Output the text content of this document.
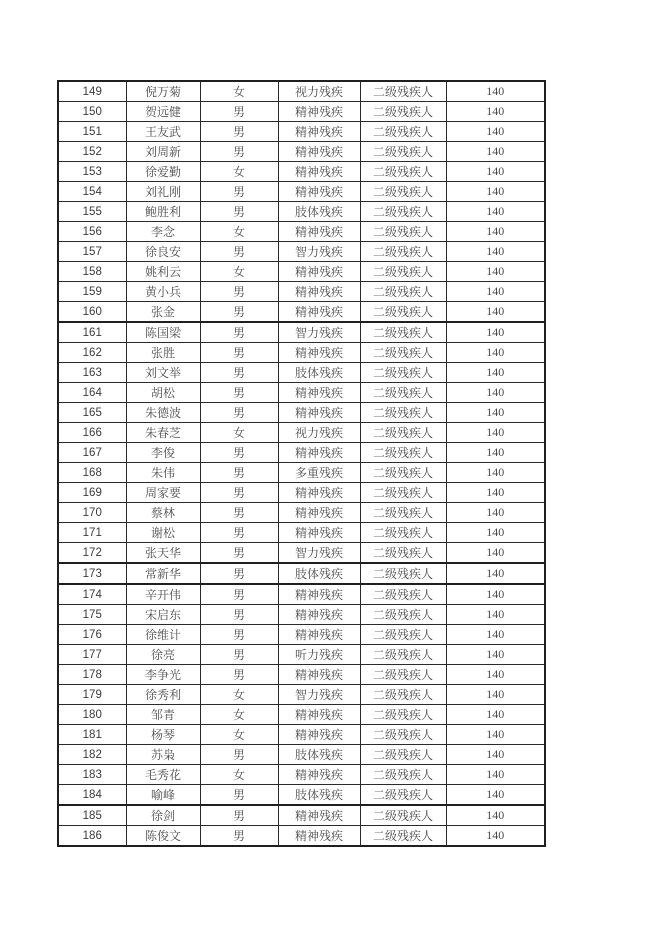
149	倪万菊	女	视力残疾	二级残疾人	140
150	贺远健	男	精神残疾	二级残疾人	140
151	王友武	男	精神残疾	二级残疾人	140
152	刘周新	男	精神残疾	二级残疾人	140
153	徐爱勤	女	精神残疾	二级残疾人	140
154	刘礼刚	男	精神残疾	二级残疾人	140
155	鲍胜利	男	肢体残疾	二级残疾人	140
156	李念	女	精神残疾	二级残疾人	140
157	徐良安	男	智力残疾	二级残疾人	140
158	姚利云	女	精神残疾	二级残疾人	140
159	黄小兵	男	精神残疾	二级残疾人	140
160	张金	男	精神残疾	二级残疾人	140
161	陈国梁	男	智力残疾	二级残疾人	140
162	张胜	男	精神残疾	二级残疾人	140
163	刘文举	男	肢体残疾	二级残疾人	140
164	胡松	男	精神残疾	二级残疾人	140
165	朱德波	男	精神残疾	二级残疾人	140
166	朱春芝	女	视力残疾	二级残疾人	140
167	李俊	男	精神残疾	二级残疾人	140
168	朱伟	男	多重残疾	二级残疾人	140
169	周家要	男	精神残疾	二级残疾人	140
170	蔡林	男	精神残疾	二级残疾人	140
171	谢松	男	精神残疾	二级残疾人	140
172	张天华	男	智力残疾	二级残疾人	140
173	常新华	男	肢体残疾	二级残疾人	140
174	辛开伟	男	精神残疾	二级残疾人	140
175	宋启东	男	精神残疾	二级残疾人	140
176	徐维计	男	精神残疾	二级残疾人	140
177	徐亮	男	听力残疾	二级残疾人	140
178	李争光	男	精神残疾	二级残疾人	140
179	徐秀利	女	智力残疾	二级残疾人	140
180	邹青	女	精神残疾	二级残疾人	140
181	杨琴	女	精神残疾	二级残疾人	140
182	苏枭	男	肢体残疾	二级残疾人	140
183	毛秀花	女	精神残疾	二级残疾人	140
184	喻峰	男	肢体残疾	二级残疾人	140
185	徐剑	男	精神残疾	二级残疾人	140
186	陈俊文	男	精神残疾	二级残疾人	140
